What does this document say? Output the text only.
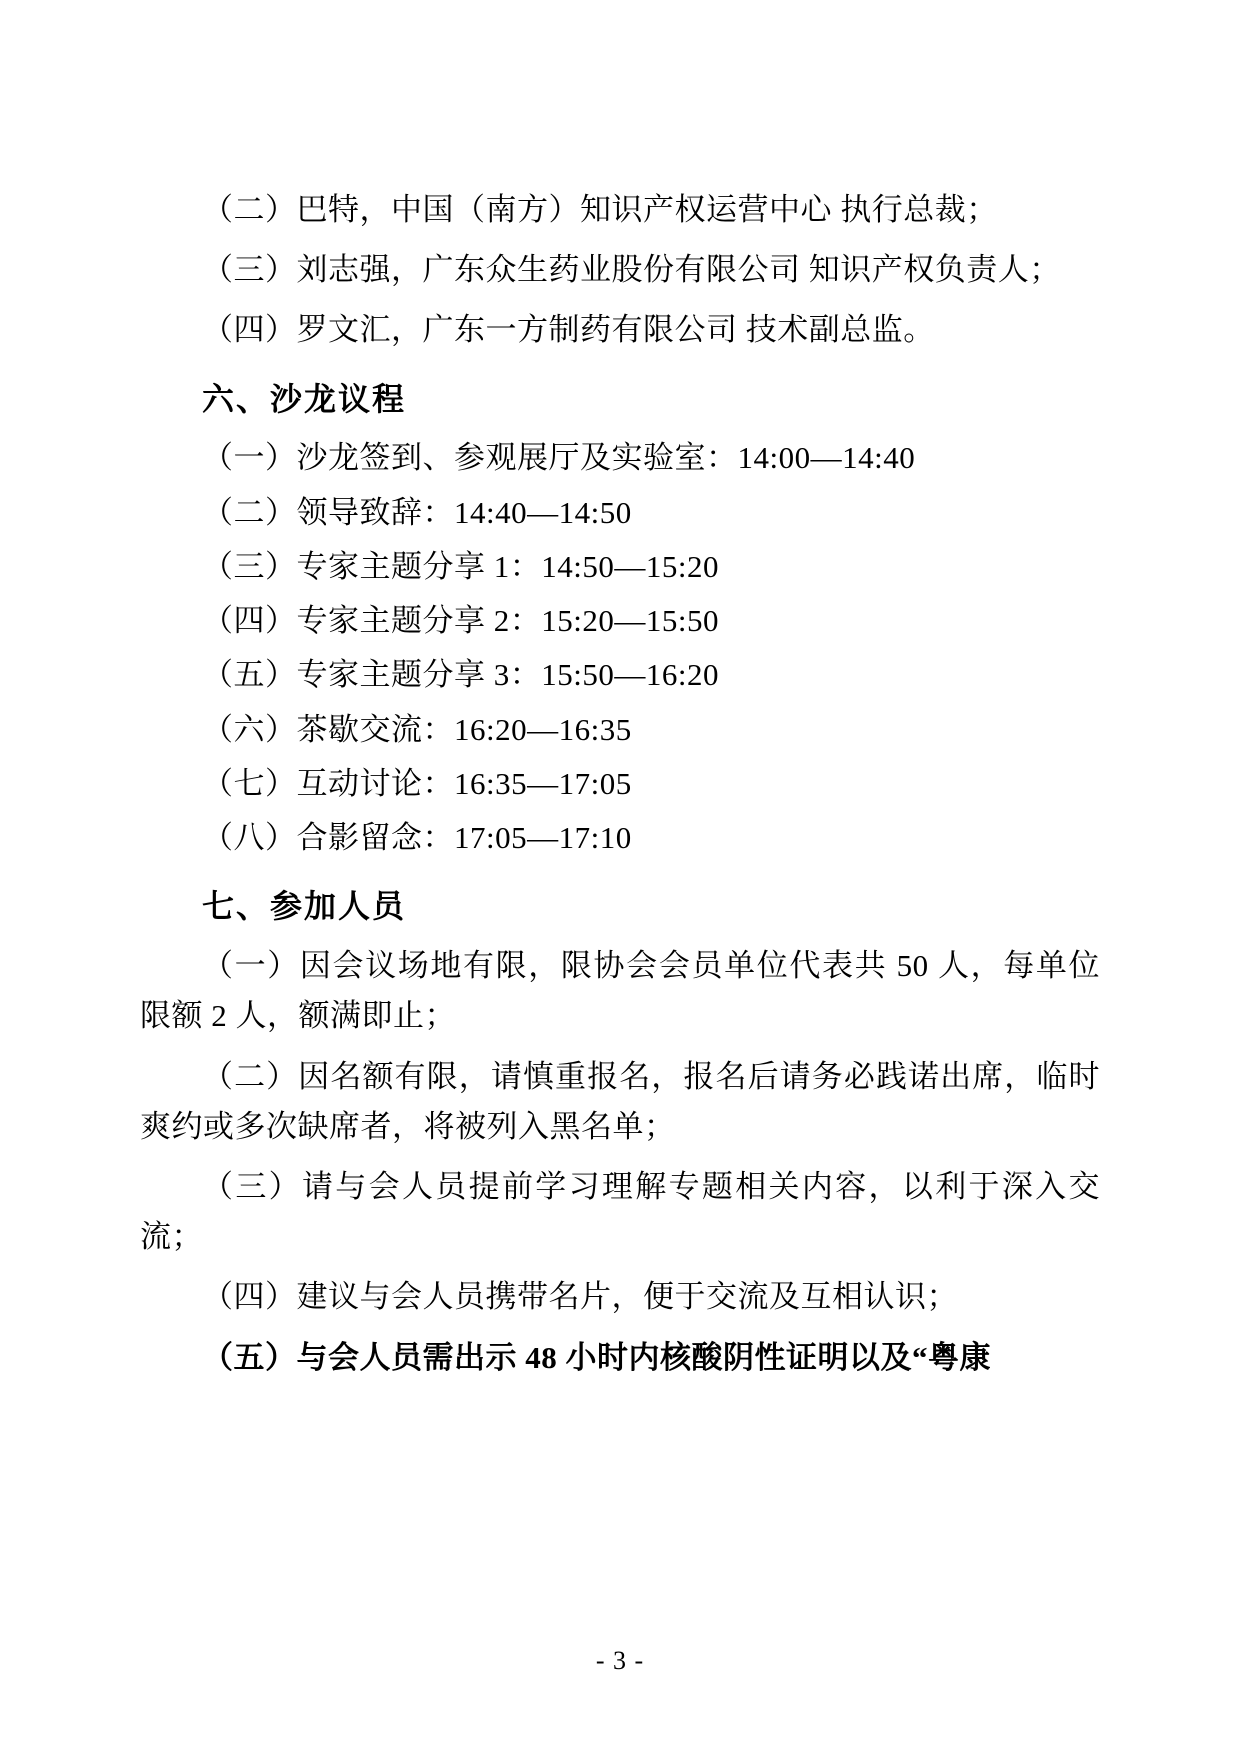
（二）巴特，中国（南方）知识产权运营中心 执行总裁；

（三）刘志强，广东众生药业股份有限公司 知识产权负责人；

（四）罗文汇，广东一方制药有限公司 技术副总监。

六、沙龙议程

（一）沙龙签到、参观展厅及实验室：14:00—14:40

（二）领导致辞：14:40—14:50

（三）专家主题分享 1：14:50—15:20

（四）专家主题分享 2：15:20—15:50

（五）专家主题分享 3：15:50—16:20

（六）茶歇交流：16:20—16:35

（七）互动讨论：16:35—17:05

（八）合影留念：17:05—17:10

七、参加人员

（一）因会议场地有限，限协会会员单位代表共 50 人，每单位限额 2 人，额满即止；

（二）因名额有限，请慎重报名，报名后请务必践诺出席，临时爽约或多次缺席者，将被列入黑名单；

（三）请与会人员提前学习理解专题相关内容，以利于深入交流；

（四）建议与会人员携带名片，便于交流及互相认识；

（五）与会人员需出示 48 小时内核酸阴性证明以及“粤康

- 3 -
